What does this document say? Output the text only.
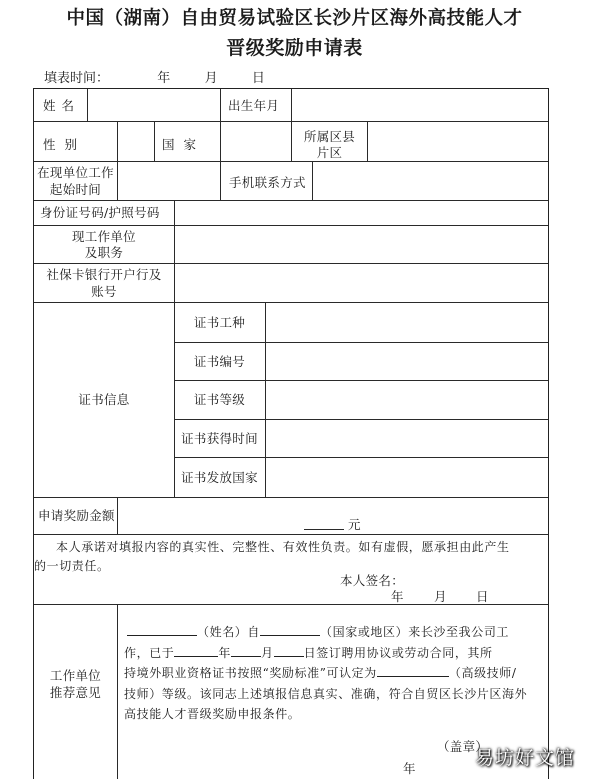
中国（湖南）自由贸易试验区长沙片区海外高技能人才
晋级奖励申请表
填表时间：	年	月	日
姓名	出生年月
性别	国家
所属区县
片区
在现单位工作
起始时间	手机联系方式
身份证号码/护照号码
现工作单位
及职务
社保卡银行开户行及
账号
证书信息
证书工种
证书编号
证书等级
证书获得时间
证书发放国家
申请奖励金额
元
本人承诺对填报内容的真实性、完整性、有效性负责。如有虚假，愿承担由此产生
的一切责任。
本人签名：
年 月 日
工作单位
推荐意见
（姓名）自	（国家或地区）来长沙至我公司工
作，已于	年	月	日签订聘用协议或劳动合同，其所
持境外职业资格证书按照“奖励标准”可认定为	（高级技师/
技师）等级。该同志上述填报信息真实、准确，符合自贸区长沙片区海外
高技能人才晋级奖励申报条件。
（盖章）
年	易坊好文馆
